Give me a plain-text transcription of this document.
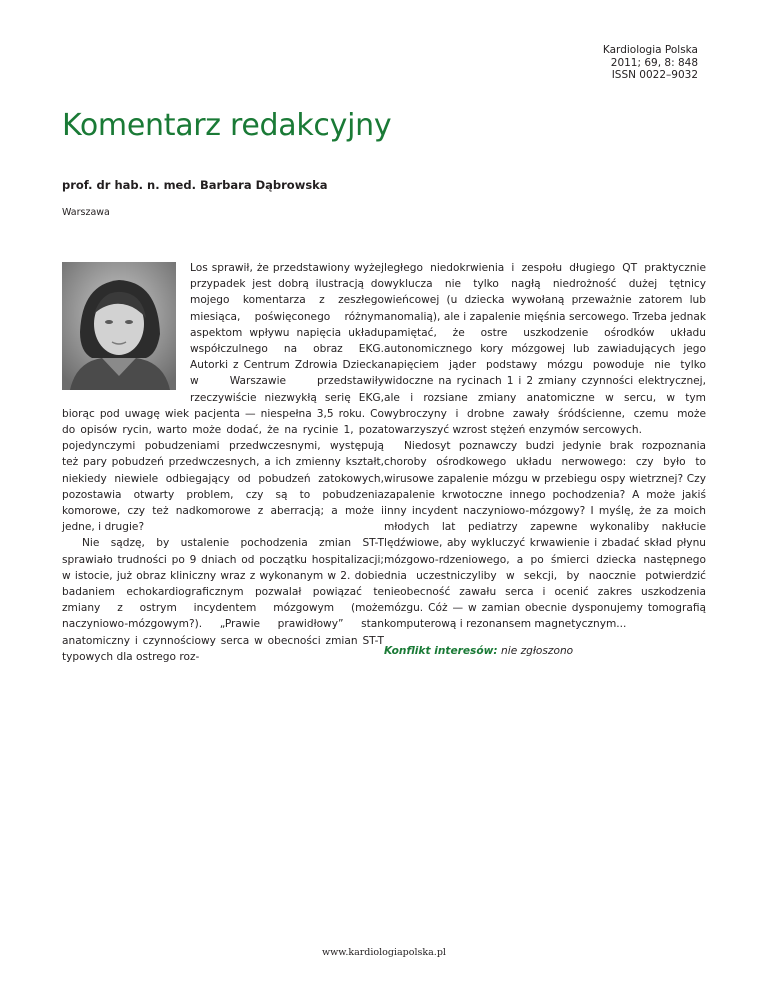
Kardiologia Polska
2011; 69, 8: 848
ISSN 0022–9032
Komentarz redakcyjny
prof. dr hab. n. med. Barbara Dąbrowska
Warszawa

Los sprawił, że przedstawiony wyżej przypadek jest dobrą ilustracją do mojego komentarza z zeszłego miesiąca, poświęconego różnym aspektom wpływu napięcia układu współczulnego na obraz EKG. Autorki z Centrum Zdrowia Dziecka w Warszawie przedstawiły rzeczywiście niezwykłą serię EKG, biorąc pod uwagę wiek pacjenta — niespełna 3,5 roku. Co do opisów rycin, warto może dodać, że na rycinie 1, poza pojedynczymi pobudzeniami przedwczesnymi, występują też pary pobudzeń przedwczesnych, a ich zmienny kształt, niekiedy niewiele odbiegający od pobudzeń zatokowych, pozostawia otwarty problem, czy są to pobudzenia komorowe, czy też nadkomorowe z aberracją; a może i jedne, i drugie?

Nie sądzę, by ustalenie pochodzenia zmian ST-T sprawiało trudności po 9 dniach od początku hospitalizacji; w istocie, już obraz kliniczny wraz z wykonanym w 2. dobie badaniem echokardiograficznym pozwalał powiązać te zmiany z ostrym incydentem mózgowym (może naczyniowo-mózgowym?). „Prawie prawidłowy” stan anatomiczny i czynnościowy serca w obecności zmian ST-T typowych dla ostrego roz-

ległego niedokrwienia i zespołu długiego QT praktycznie wyklucza nie tylko nagłą niedrożność dużej tętnicy wieńcowej (u dziecka wywołaną przeważnie zatorem lub anomalią), ale i zapalenie mięśnia sercowego. Trzeba jednak pamiętać, że ostre uszkodzenie ośrodków układu autonomicznego kory mózgowej lub zawiadujących jego napięciem jąder podstawy mózgu powoduje nie tylko widoczne na rycinach 1 i 2 zmiany czynności elektrycznej, ale i rozsiane zmiany anatomiczne w sercu, w tym wybroczyny i drobne zawały śródścienne, czemu może towarzyszyć wzrost stężeń enzymów sercowych.

Niedosyt poznawczy budzi jedynie brak rozpoznania choroby ośrodkowego układu nerwowego: czy było to wirusowe zapalenie mózgu w przebiegu ospy wietrznej? Czy zapalenie krwotoczne innego pochodzenia? A może jakiś inny incydent naczyniowo-mózgowy? I myślę, że za moich młodych lat pediatrzy zapewne wykonaliby nakłucie lędźwiowe, aby wykluczyć krwawienie i zbadać skład płynu mózgowo-rdzeniowego, a po śmierci dziecka następnego dnia uczestniczyliby w sekcji, by naocznie potwierdzić nieobecność zawału serca i ocenić zakres uszkodzenia mózgu. Cóż — w zamian obecnie dysponujemy tomografią komputerową i rezonansem magnetycznym...

Konflikt interesów: nie zgłoszono

www.kardiologiapolska.pl
